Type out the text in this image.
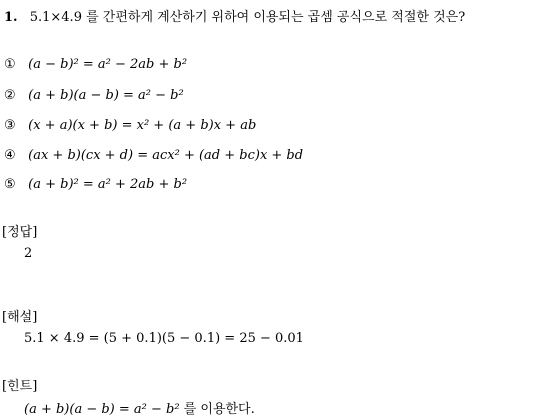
1. 5.1×4.9 를 간편하게 계산하기 위하여 이용되는 곱셈 공식으로 적절한 것은?
① (a − b)² = a² − 2ab + b²
② (a + b)(a − b) = a² − b²
③ (x + a)(x + b) = x² + (a + b)x + ab
④ (ax + b)(cx + d) = acx² + (ad + bc)x + bd
⑤ (a + b)² = a² + 2ab + b²
[정답]
2
[해설]
5.1 × 4.9 = (5 + 0.1)(5 − 0.1) = 25 − 0.01
[힌트]
(a + b)(a − b) = a² − b² 를 이용한다.
